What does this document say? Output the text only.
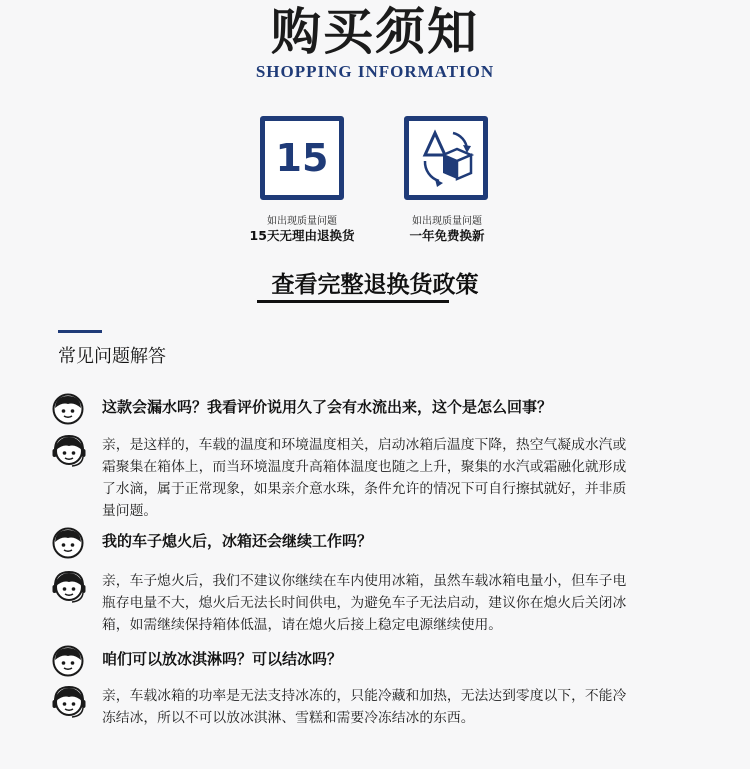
购买须知
SHOPPING INFORMATION
15
如出现质量问题
15天无理由退换货
如出现质量问题
一年免费换新
查看完整退换货政策
常见问题解答
这款会漏水吗？我看评价说用久了会有水流出来，这个是怎么回事？
亲，是这样的，车载的温度和环境温度相关，启动冰箱后温度下降，热空气凝成水汽或
霜聚集在箱体上，而当环境温度升高箱体温度也随之上升，聚集的水汽或霜融化就形成
了水滴，属于正常现象，如果亲介意水珠，条件允许的情况下可自行擦拭就好，并非质
量问题。
我的车子熄火后，冰箱还会继续工作吗？
亲，车子熄火后，我们不建议你继续在车内使用冰箱，虽然车载冰箱电量小，但车子电
瓶存电量不大，熄火后无法长时间供电，为避免车子无法启动，建议你在熄火后关闭冰
箱，如需继续保持箱体低温，请在熄火后接上稳定电源继续使用。
咱们可以放冰淇淋吗？可以结冰吗？
亲，车载冰箱的功率是无法支持冰冻的，只能冷藏和加热，无法达到零度以下，不能冷
冻结冰，所以不可以放冰淇淋、雪糕和需要冷冻结冰的东西。
